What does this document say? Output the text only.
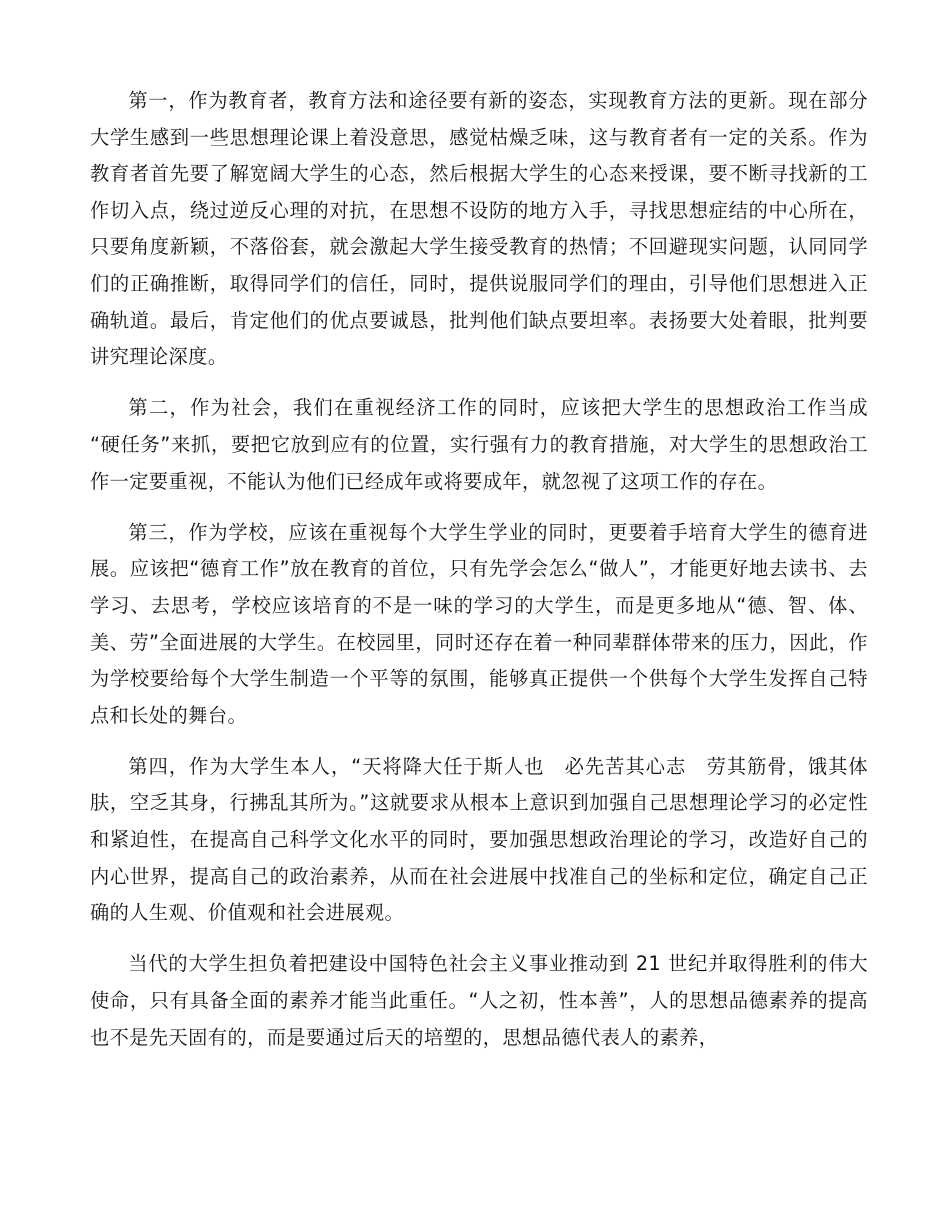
第一，作为教育者，教育方法和途径要有新的姿态，实现教育方法的更新。现在部分大学生感到一些思想理论课上着没意思，感觉枯燥乏味，这与教育者有一定的关系。作为教育者首先要了解宽阔大学生的心态，然后根据大学生的心态来授课，要不断寻找新的工作切入点，绕过逆反心理的对抗，在思想不设防的地方入手，寻找思想症结的中心所在，只要角度新颖，不落俗套，就会激起大学生接受教育的热情；不回避现实问题，认同同学们的正确推断，取得同学们的信任，同时，提供说服同学们的理由，引导他们思想进入正确轨道。最后，肯定他们的优点要诚恳，批判他们缺点要坦率。表扬要大处着眼，批判要讲究理论深度。

第二，作为社会，我们在重视经济工作的同时，应该把大学生的思想政治工作当成 “硬任务”来抓，要把它放到应有的位置，实行强有力的教育措施，对大学生的思想政治工作一定要重视，不能认为他们已经成年或将要成年，就忽视了这项工作的存在。

第三，作为学校，应该在重视每个大学生学业的同时，更要着手培育大学生的德育进展。应该把“德育工作”放在教育的首位，只有先学会怎么“做人”，才能更好地去读书、去学习、去思考，学校应该培育的不是一味的学习的大学生，而是更多地从“德、智、体、美、劳”全面进展的大学生。在校园里，同时还存在着一种同辈群体带来的压力，因此，作为学校要给每个大学生制造一个平等的氛围，能够真正提供一个供每个大学生发挥自己特点和长处的舞台。

第四，作为大学生本人，“天将降大任于斯人也　必先苦其心志　劳其筋骨，饿其体肤，空乏其身，行拂乱其所为。”这就要求从根本上意识到加强自己思想理论学习的必定性和紧迫性，在提高自己科学文化水平的同时，要加强思想政治理论的学习，改造好自己的内心世界，提高自己的政治素养，从而在社会进展中找准自己的坐标和定位，确定自己正确的人生观、价值观和社会进展观。

当代的大学生担负着把建设中国特色社会主义事业推动到 21 世纪并取得胜利的伟大使命，只有具备全面的素养才能当此重任。“人之初，性本善”，人的思想品德素养的提高也不是先天固有的，而是要通过后天的培塑的，思想品德代表人的素养，
